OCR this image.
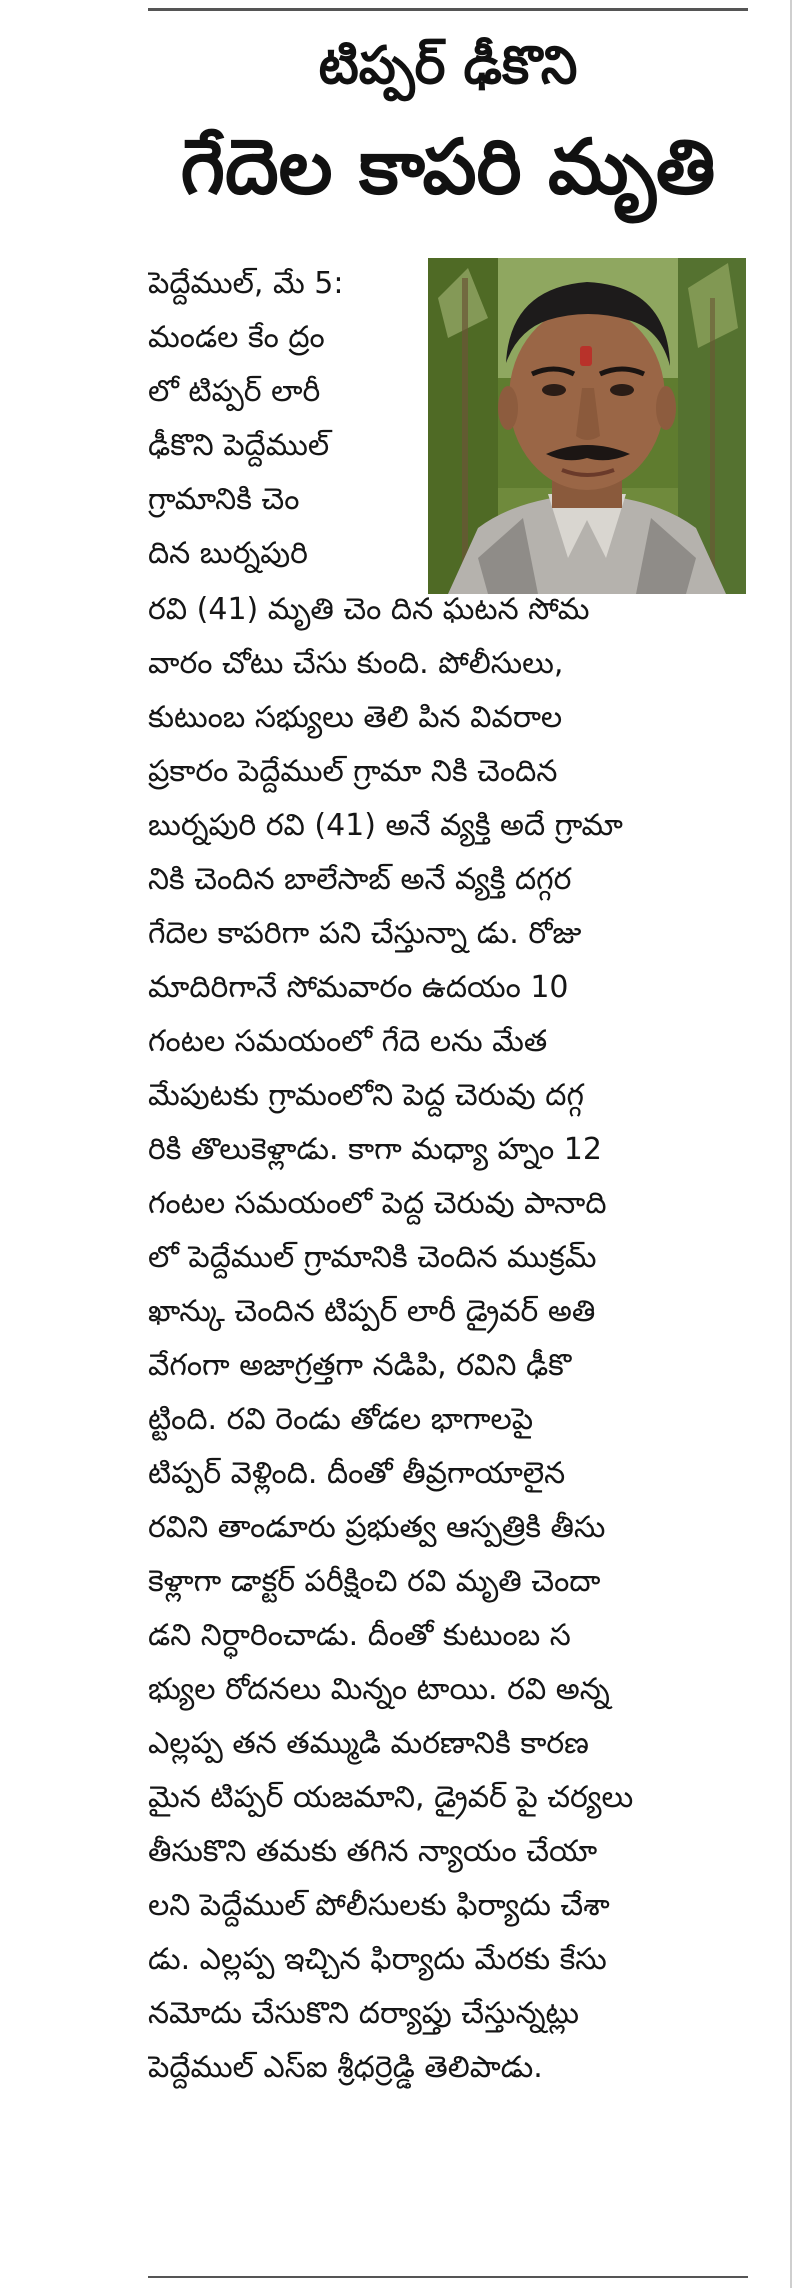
టిప్పర్ ఢీకొని
గేదెల కాపరి మృతి
పెద్దేముల్, మే 5:
మండల కేం ద్రం
లో టిప్పర్ లారీ
ఢీకొని పెద్దేముల్
గ్రామానికి చెం
దిన బుర్నపురి
రవి (41) మృతి చెం దిన ఘటన సోమ
వారం చోటు చేసు కుంది. పోలీసులు,
కుటుంబ సభ్యులు తెలి పిన వివరాల
ప్రకారం పెద్దేముల్ గ్రామా నికి చెందిన
బుర్నపురి రవి (41) అనే వ్యక్తి అదే గ్రామా
నికి చెందిన బాలేసాబ్ అనే వ్యక్తి దగ్గర
గేదెల కాపరిగా పని చేస్తున్నా డు. రోజు
మాదిరిగానే సోమవారం ఉదయం 10
గంటల సమయంలో గేదె లను మేత
మేపుటకు గ్రామంలోని పెద్ద చెరువు దగ్గ
రికి తొలుకెళ్లాడు. కాగా మధ్యా హ్నం 12
గంటల సమయంలో పెద్ద చెరువు పానాది
లో పెద్దేముల్ గ్రామానికి చెందిన ముక్రమ్
ఖాన్కు చెందిన టిప్పర్ లారీ డ్రైవర్ అతి
వేగంగా అజాగ్రత్తగా నడిపి, రవిని ఢీకొ
ట్టింది. రవి రెండు తోడల భాగాలపై
టిప్పర్ వెళ్లింది. దీంతో తీవ్రగాయాలైన
రవిని తాండూరు ప్రభుత్వ ఆస్పత్రికి తీసు
కెళ్లాగా డాక్టర్ పరీక్షించి రవి మృతి చెందా
డని నిర్ధారించాడు. దీంతో కుటుంబ స
భ్యుల రోదనలు మిన్నం టాయి. రవి అన్న
ఎల్లప్ప తన తమ్ముడి మరణానికి కారణ
మైన టిప్పర్ యజమాని, డ్రైవర్ పై చర్యలు
తీసుకొని తమకు తగిన న్యాయం చేయా
లని పెద్దేముల్ పోలీసులకు ఫిర్యాదు చేశా
డు. ఎల్లప్ప ఇచ్చిన ఫిర్యాదు మేరకు కేసు
నమోదు చేసుకొని దర్యాప్తు చేస్తున్నట్లు
పెద్దేముల్ ఎస్ఐ శ్రీధర్రెడ్డి తెలిపాడు.
